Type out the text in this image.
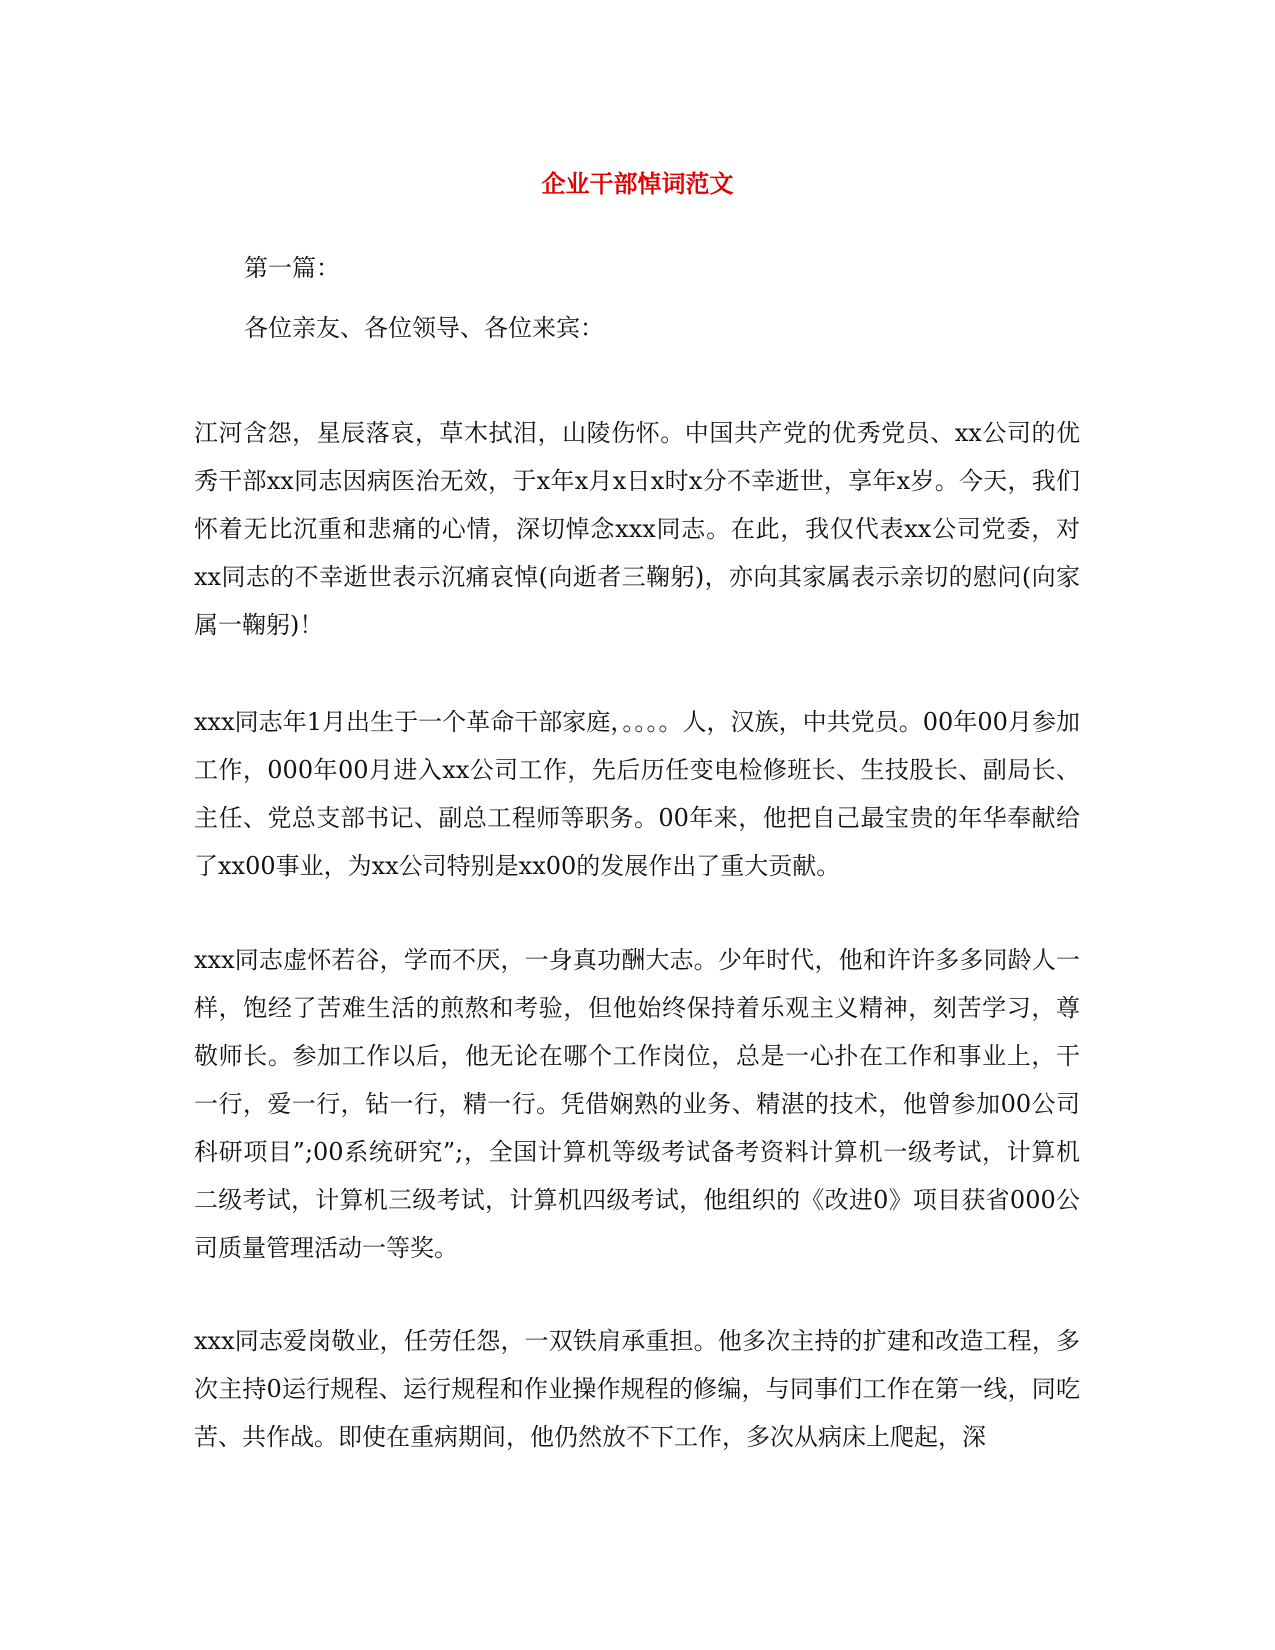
企业干部悼词范文

第一篇：

各位亲友、各位领导、各位来宾：

江河含怨，星辰落哀，草木拭泪，山陵伤怀。中国共产党的优秀党员、xx公司的优秀干部xx同志因病医治无效，于x年x月x日x时x分不幸逝世，享年x岁。今天，我们怀着无比沉重和悲痛的心情，深切悼念xxx同志。在此，我仅代表xx公司党委，对xx同志的不幸逝世表示沉痛哀悼(向逝者三鞠躬)，亦向其家属表示亲切的慰问(向家属一鞠躬)！

xxx同志年1月出生于一个革命干部家庭，。。。。人，汉族，中共党员。00年00月参加工作，000年00月进入xx公司工作，先后历任变电检修班长、生技股长、副局长、主任、党总支部书记、副总工程师等职务。00年来，他把自己最宝贵的年华奉献给了xx00事业，为xx公司特别是xx00的发展作出了重大贡献。

xxx同志虚怀若谷，学而不厌，一身真功酬大志。少年时代，他和许许多多同龄人一样，饱经了苦难生活的煎熬和考验，但他始终保持着乐观主义精神，刻苦学习，尊敬师长。参加工作以后，他无论在哪个工作岗位，总是一心扑在工作和事业上，干一行，爱一行，钻一行，精一行。凭借娴熟的业务、精湛的技术，他曾参加00公司科研项目”;00系统研究”;，全国计算机等级考试备考资料计算机一级考试，计算机二级考试，计算机三级考试，计算机四级考试，他组织的《改进0》项目获省000公司质量管理活动一等奖。

xxx同志爱岗敬业，任劳任怨，一双铁肩承重担。他多次主持的扩建和改造工程，多次主持0运行规程、运行规程和作业操作规程的修编，与同事们工作在第一线，同吃苦、共作战。即使在重病期间，他仍然放不下工作，多次从病床上爬起，深
